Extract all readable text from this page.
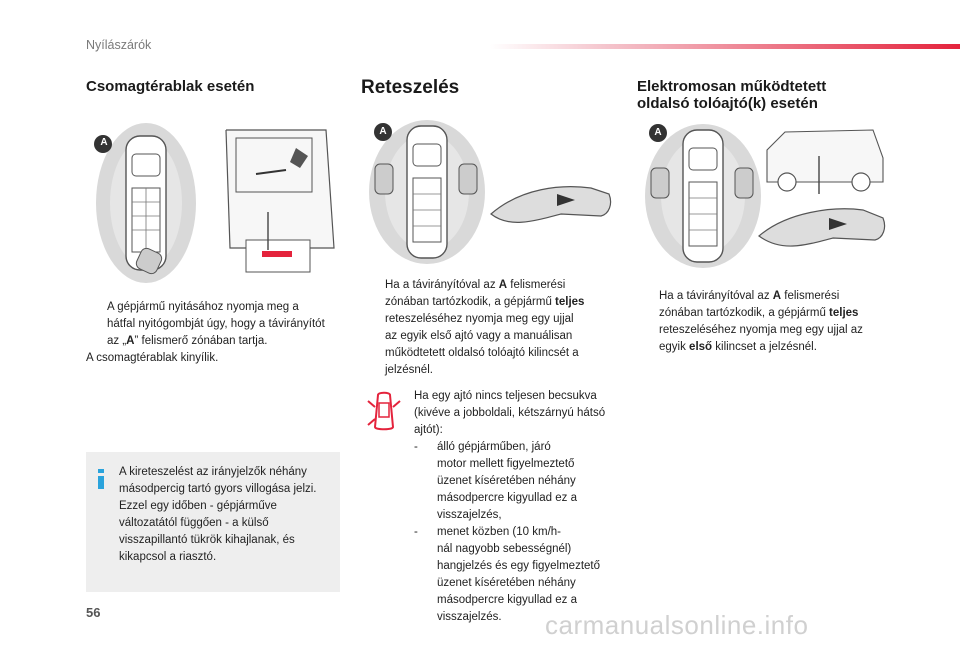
Nyílászárók
Csomagtérablak esetén
A
A gépjármű nyitásához nyomja meg a
hátfal nyitógombját úgy, hogy a távirányítót
az „A” felismerő zónában tartja.
A csomagtérablak kinyílik.
A kireteszelést az irányjelzők néhány
másodpercig tartó gyors villogása jelzi.
Ezzel egy időben - gépjárműve
változatától függően - a külső
visszapillantó tükrök kihajlanak, és
kikapcsol a riasztó.
Reteszelés
A
Ha a távirányítóval az A felismerési
zónában tartózkodik, a gépjármű teljes
reteszeléséhez nyomja meg egy ujjal
az egyik első ajtó vagy a manuálisan
működtetett oldalsó tolóajtó kilincsét a
jelzésnél.
Ha egy ajtó nincs teljesen becsukva
(kivéve a jobboldali, kétszárnyú hátsó
ajtót):
- álló gépjárműben, járó
motor mellett figyelmeztető
üzenet kíséretében néhány
másodpercre kigyullad ez a
visszajelzés,
- menet közben (10 km/h-
nál nagyobb sebességnél)
hangjelzés és egy figyelmeztető
üzenet kíséretében néhány
másodpercre kigyullad ez a
visszajelzés.
Elektromosan működtetett
oldalsó tolóajtó(k) esetén
A
Ha a távirányítóval az A felismerési
zónában tartózkodik, a gépjármű teljes
reteszeléséhez nyomja meg egy ujjal az
egyik első kilincset a jelzésnél.
56	carmanualsonline.info
